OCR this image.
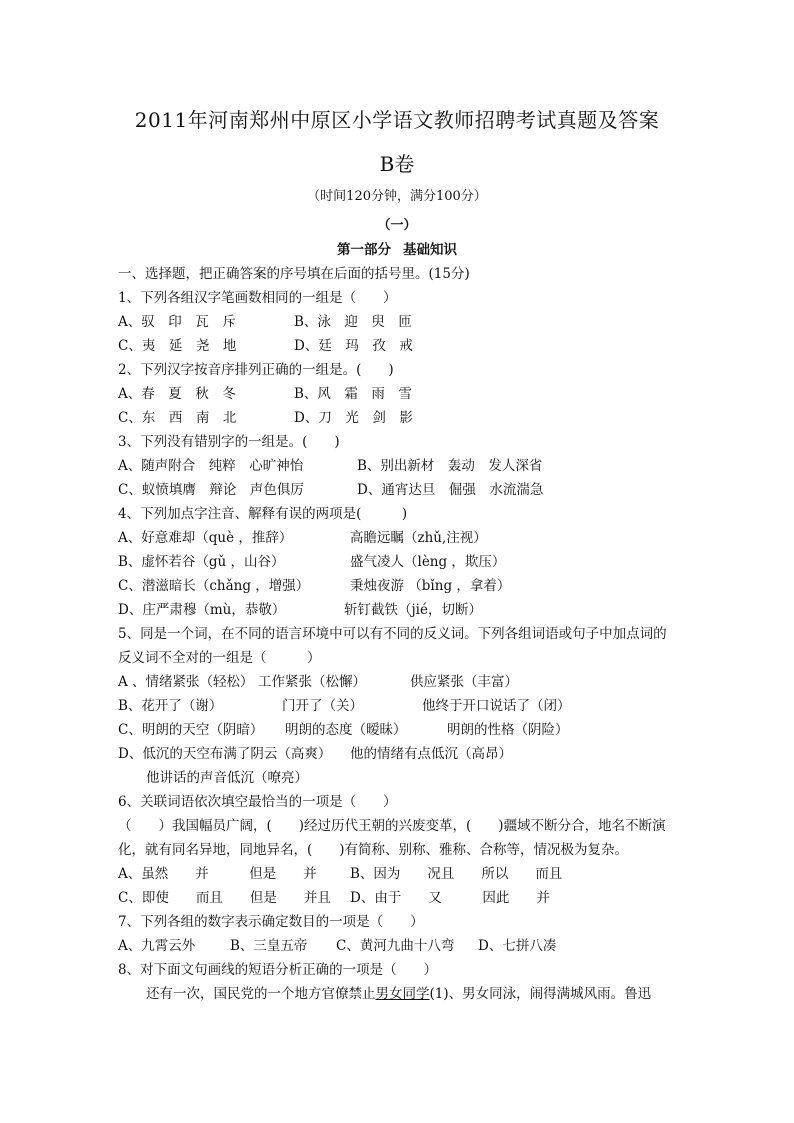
2011年河南郑州中原区小学语文教师招聘考试真题及答案
B卷
（时间120分钟，满分100分）
（一）
第一部分 基础知识
一、选择题，把正确答案的序号填在后面的括号里。(15分)
1、下列各组汉字笔画数相同的一组是（　　）
A、驭　印　瓦　斥	B、泳　迎　臾　匝
C、夷　延　尧　地	D、廷　玛　孜　戒
2、下列汉字按音序排列正确的一组是。(　　)
A、春　夏　秋　冬	B、风　霜　雨　雪
C、东　西　南　北	D、刀　光　剑　影
3、下列没有错别字的一组是。(　　)
A、随声附合　纯粹　心旷神怡	B、别出新材　轰动　发人深省
C、蚁愤填膺　辩论　声色俱厉	D、通宵达旦　倔强　水流湍急
4、下列加点字注音、解释有误的两项是(　　　)
A、好意难却（què ，推辞）	高瞻远瞩（zhǔ,注视）
B、虚怀若谷（gǔ ，山谷）	盛气凌人（lèng ，欺压）
C、潜滋暗长（chǎng ，增强）	秉烛夜游 （bǐng ，拿着）
D、庄严肃穆（mù，恭敬）	斩钉截铁（jié，切断）
5、同是一个词，在不同的语言环境中可以有不同的反义词。下列各组词语或句子中加点词的反义词不全对的一组是（　　　）
A 、情绪紧张（轻松） 工作紧张（松懈）	供应紧张（丰富）
B、花开了（谢）	门开了（关）	他终于开口说话了（闭）
C、明朗的天空（阴暗） 明朗的态度（暧昧）	明朗的性格（阴险）
D、低沉的天空布满了阴云（高爽） 他的情绪有点低沉（高昂）
他讲话的声音低沉（嘹亮）
6、关联词语依次填空最恰当的一项是（　　）
（　　）我国幅员广阔，(　　)经过历代王朝的兴废变革，(　　)疆域不断分合，地名不断演化，就有同名异地，同地异名，(　　)有简称、别称、雅称、合称等，情况极为复杂。
A、虽然　　并　　　但是　　并 B、因为　　况且　　所以　　而且
C、即使　　而且　　但是　　并且 D、由于　　又　　　因此　　并
7、下列各组的数字表示确定数目的一项是（　　）
A、九霄云外	B、三皇五帝 C、黄河九曲十八弯 D、七拼八凑
8、对下面文句画线的短语分析正确的一项是（　　）
还有一次，国民党的一个地方官僚禁止男女同学(1)、男女同泳，闹得满城风雨。鲁迅
